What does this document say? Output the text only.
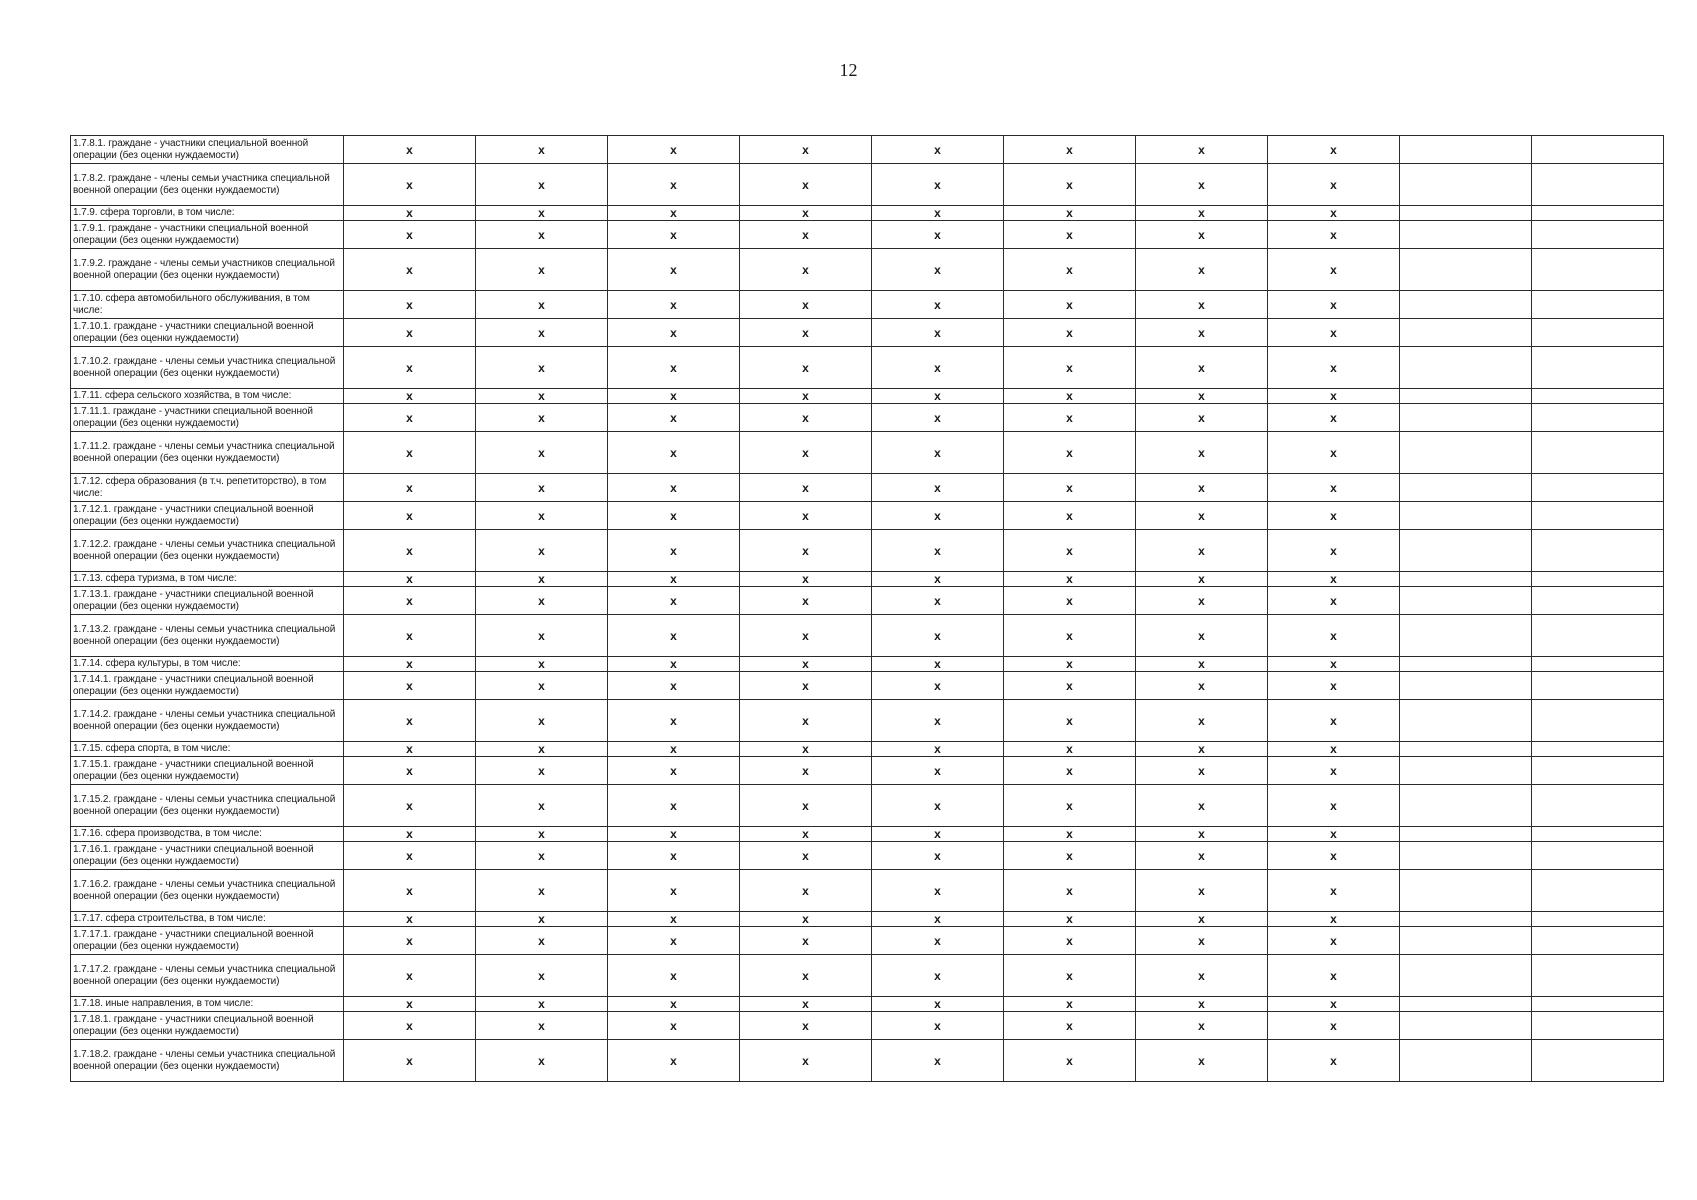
12
1.7.8.1. граждане - участники специальной военной операции (без оценки нуждаемости)	x	x	x	x	x	x	x	x		
1.7.8.2. граждане - члены семьи участника специальной военной операции (без оценки нуждаемости)	x	x	x	x	x	x	x	x		
1.7.9. сфера торговли, в том числе:	x	x	x	x	x	x	x	x		
1.7.9.1. граждане - участники специальной военной операции (без оценки нуждаемости)	x	x	x	x	x	x	x	x		
1.7.9.2. граждане - члены семьи участников специальной военной операции (без оценки нуждаемости)	x	x	x	x	x	x	x	x		
1.7.10. сфера автомобильного обслуживания, в том числе:	x	x	x	x	x	x	x	x		
1.7.10.1. граждане - участники специальной военной операции (без оценки нуждаемости)	x	x	x	x	x	x	x	x		
1.7.10.2. граждане - члены семьи участника специальной военной операции (без оценки нуждаемости)	x	x	x	x	x	x	x	x		
1.7.11. сфера сельского хозяйства, в том числе:	x	x	x	x	x	x	x	x		
1.7.11.1. граждане - участники специальной военной операции (без оценки нуждаемости)	x	x	x	x	x	x	x	x		
1.7.11.2. граждане - члены семьи участника специальной военной операции (без оценки нуждаемости)	x	x	x	x	x	x	x	x		
1.7.12. сфера образования (в т.ч. репетиторство), в том числе:	x	x	x	x	x	x	x	x		
1.7.12.1. граждане - участники специальной военной операции (без оценки нуждаемости)	x	x	x	x	x	x	x	x		
1.7.12.2. граждане - члены семьи участника специальной военной операции (без оценки нуждаемости)	x	x	x	x	x	x	x	x		
1.7.13. сфера туризма, в том числе:	x	x	x	x	x	x	x	x		
1.7.13.1. граждане - участники специальной военной операции (без оценки нуждаемости)	x	x	x	x	x	x	x	x		
1.7.13.2. граждане - члены семьи участника специальной военной операции (без оценки нуждаемости)	x	x	x	x	x	x	x	x		
1.7.14. сфера культуры, в том числе:	x	x	x	x	x	x	x	x		
1.7.14.1. граждане - участники специальной военной операции (без оценки нуждаемости)	x	x	x	x	x	x	x	x		
1.7.14.2. граждане - члены семьи участника специальной военной операции (без оценки нуждаемости)	x	x	x	x	x	x	x	x		
1.7.15. сфера спорта, в том числе:	x	x	x	x	x	x	x	x		
1.7.15.1. граждане - участники специальной военной операции (без оценки нуждаемости)	x	x	x	x	x	x	x	x		
1.7.15.2. граждане - члены семьи участника специальной военной операции (без оценки нуждаемости)	x	x	x	x	x	x	x	x		
1.7.16. сфера производства, в том числе:	x	x	x	x	x	x	x	x		
1.7.16.1. граждане - участники специальной военной операции (без оценки нуждаемости)	x	x	x	x	x	x	x	x		
1.7.16.2. граждане - члены семьи участника специальной военной операции (без оценки нуждаемости)	x	x	x	x	x	x	x	x		
1.7.17. сфера строительства, в том числе:	x	x	x	x	x	x	x	x		
1.7.17.1. граждане - участники специальной военной операции (без оценки нуждаемости)	x	x	x	x	x	x	x	x		
1.7.17.2. граждане - члены семьи участника специальной военной операции (без оценки нуждаемости)	x	x	x	x	x	x	x	x		
1.7.18. иные направления, в том числе:	x	x	x	x	x	x	x	x		
1.7.18.1. граждане - участники специальной военной операции (без оценки нуждаемости)	x	x	x	x	x	x	x	x		
1.7.18.2. граждане - члены семьи участника специальной военной операции (без оценки нуждаемости)	x	x	x	x	x	x	x	x		
